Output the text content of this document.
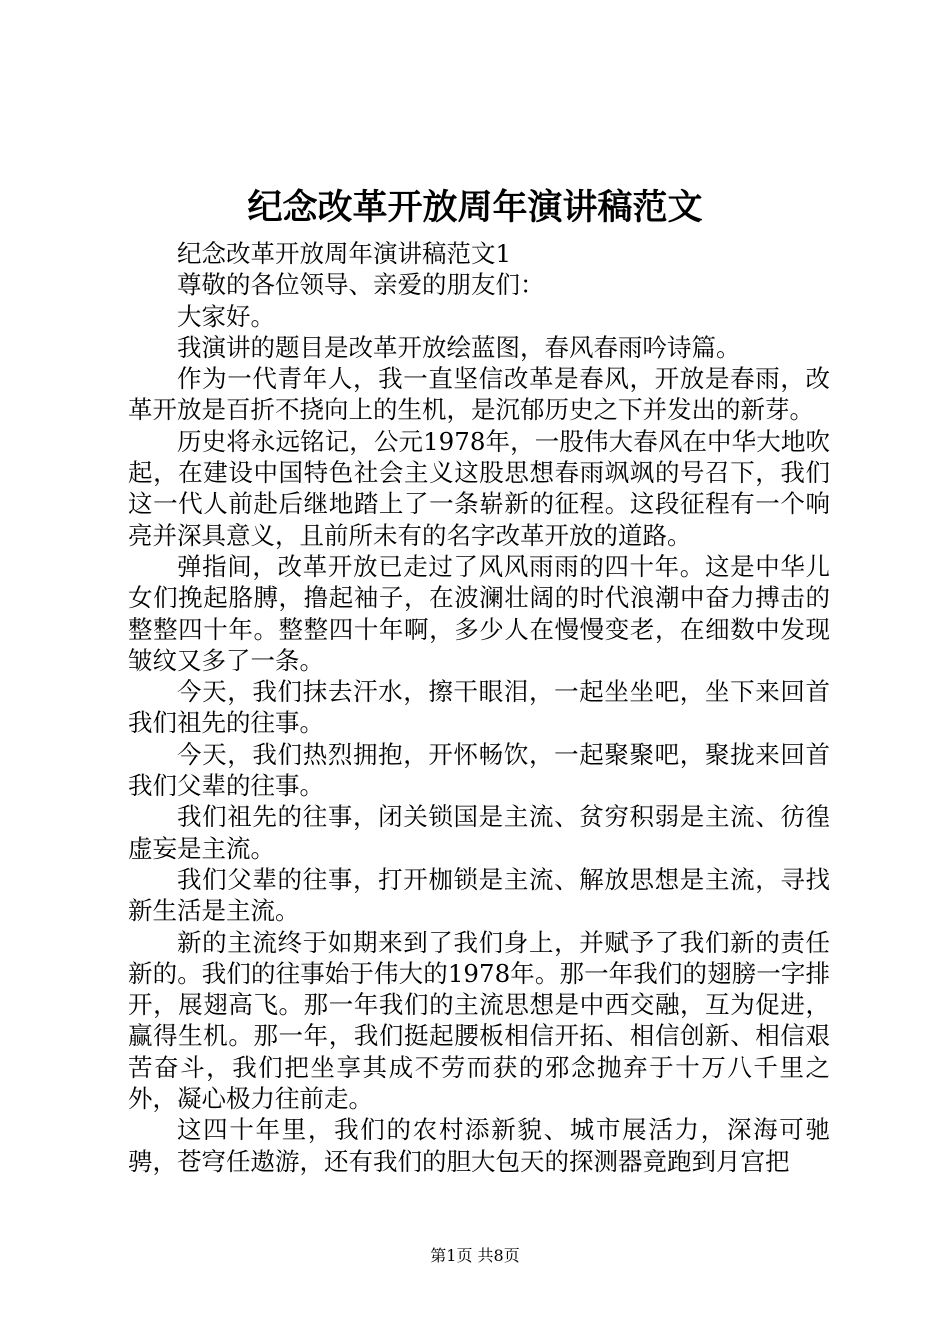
纪念改革开放周年演讲稿范文

纪念改革开放周年演讲稿范文1

尊敬的各位领导、亲爱的朋友们：

大家好。

我演讲的题目是改革开放绘蓝图，春风春雨吟诗篇。

作为一代青年人，我一直坚信改革是春风，开放是春雨，改革开放是百折不挠向上的生机，是沉郁历史之下并发出的新芽。

历史将永远铭记，公元1978年，一股伟大春风在中华大地吹起，在建设中国特色社会主义这股思想春雨飒飒的号召下，我们这一代人前赴后继地踏上了一条崭新的征程。这段征程有一个响亮并深具意义，且前所未有的名字改革开放的道路。

弹指间，改革开放已走过了风风雨雨的四十年。这是中华儿女们挽起胳膊，撸起袖子，在波澜壮阔的时代浪潮中奋力搏击的整整四十年。整整四十年啊，多少人在慢慢变老，在细数中发现皱纹又多了一条。

今天，我们抹去汗水，擦干眼泪，一起坐坐吧，坐下来回首我们祖先的往事。

今天，我们热烈拥抱，开怀畅饮，一起聚聚吧，聚拢来回首我们父辈的往事。

我们祖先的往事，闭关锁国是主流、贫穷积弱是主流、彷徨虚妄是主流。

我们父辈的往事，打开枷锁是主流、解放思想是主流，寻找新生活是主流。

新的主流终于如期来到了我们身上，并赋予了我们新的责任新的。我们的往事始于伟大的1978年。那一年我们的翅膀一字排开，展翅高飞。那一年我们的主流思想是中西交融，互为促进，赢得生机。那一年，我们挺起腰板相信开拓、相信创新、相信艰苦奋斗，我们把坐享其成不劳而获的邪念抛弃于十万八千里之外，凝心极力往前走。

这四十年里，我们的农村添新貌、城市展活力，深海可驰骋，苍穹任遨游，还有我们的胆大包天的探测器竟跑到月宫把

第1页 共8页
